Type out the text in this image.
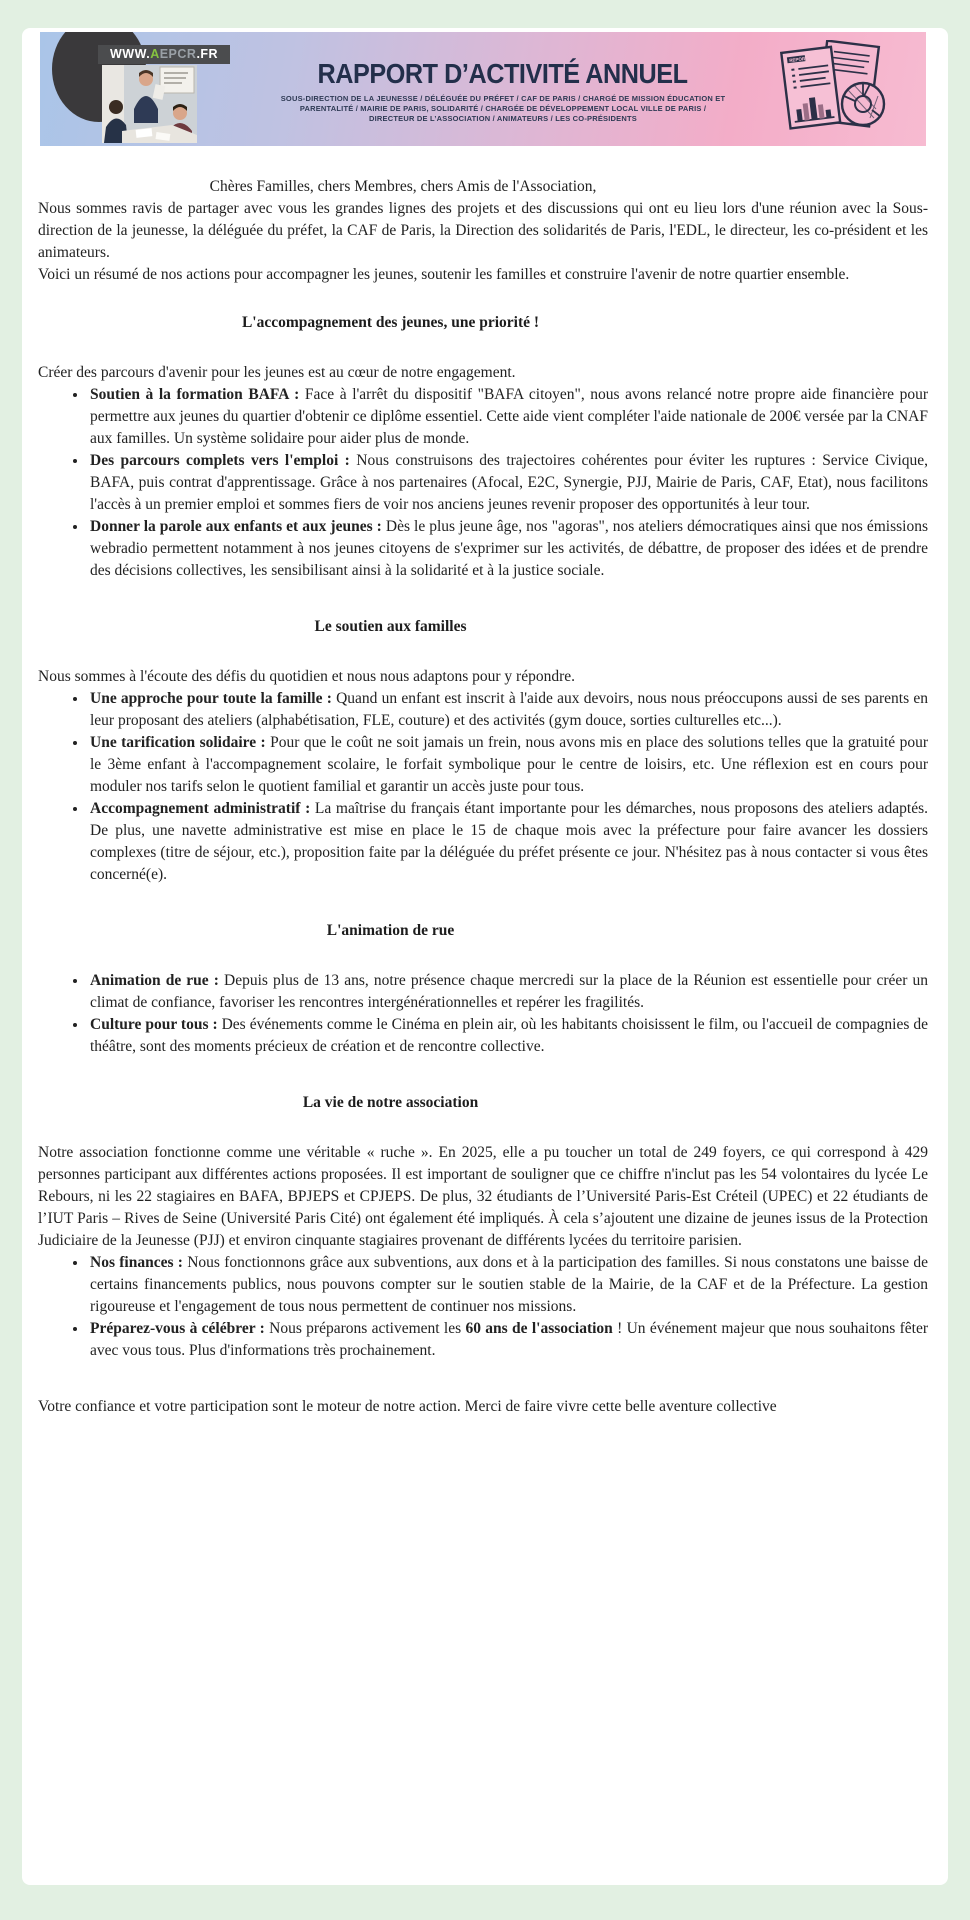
WWW.AEPCR.FR
RAPPORT D’ACTIVITÉ ANNUEL
SOUS-DIRECTION DE LA JEUNESSE / DÉLÉGUÉE DU PRÉFET / CAF DE PARIS / CHARGÉ DE MISSION ÉDUCATION ET PARENTALITÉ / MAIRIE DE PARIS, SOLIDARITÉ / CHARGÉE DE DÉVELOPPEMENT LOCAL VILLE DE PARIS / DIRECTEUR DE L’ASSOCIATION / ANIMATEURS / LES CO-PRÉSIDENTS
REPORTS

Chères Familles, chers Membres, chers Amis de l'Association,

Nous sommes ravis de partager avec vous les grandes lignes des projets et des discussions qui ont eu lieu lors d'une réunion avec la Sous-direction de la jeunesse, la déléguée du préfet, la CAF de Paris, la Direction des solidarités de Paris, l'EDL, le directeur, les co-président et les animateurs.

Voici un résumé de nos actions pour accompagner les jeunes, soutenir les familles et construire l'avenir de notre quartier ensemble.

L'accompagnement des jeunes, une priorité !

Créer des parcours d'avenir pour les jeunes est au cœur de notre engagement.

• Soutien à la formation BAFA : Face à l'arrêt du dispositif "BAFA citoyen", nous avons relancé notre propre aide financière pour permettre aux jeunes du quartier d'obtenir ce diplôme essentiel. Cette aide vient compléter l'aide nationale de 200€ versée par la CNAF aux familles. Un système solidaire pour aider plus de monde.
• Des parcours complets vers l'emploi : Nous construisons des trajectoires cohérentes pour éviter les ruptures : Service Civique, BAFA, puis contrat d'apprentissage. Grâce à nos partenaires (Afocal, E2C, Synergie, PJJ, Mairie de Paris, CAF, Etat), nous facilitons l'accès à un premier emploi et sommes fiers de voir nos anciens jeunes revenir proposer des opportunités à leur tour.
• Donner la parole aux enfants et aux jeunes : Dès le plus jeune âge, nos "agoras", nos ateliers démocratiques ainsi que nos émissions webradio permettent notamment à nos jeunes citoyens de s'exprimer sur les activités, de débattre, de proposer des idées et de prendre des décisions collectives, les sensibilisant ainsi à la solidarité et à la justice sociale.
Le soutien aux familles

Nous sommes à l'écoute des défis du quotidien et nous nous adaptons pour y répondre.

• Une approche pour toute la famille : Quand un enfant est inscrit à l'aide aux devoirs, nous nous préoccupons aussi de ses parents en leur proposant des ateliers (alphabétisation, FLE, couture) et des activités (gym douce, sorties culturelles etc...).
• Une tarification solidaire : Pour que le coût ne soit jamais un frein, nous avons mis en place des solutions telles que la gratuité pour le 3ème enfant à l'accompagnement scolaire, le forfait symbolique pour le centre de loisirs, etc. Une réflexion est en cours pour moduler nos tarifs selon le quotient familial et garantir un accès juste pour tous.
• Accompagnement administratif : La maîtrise du français étant importante pour les démarches, nous proposons des ateliers adaptés. De plus, une navette administrative est mise en place le 15 de chaque mois avec la préfecture pour faire avancer les dossiers complexes (titre de séjour, etc.), proposition faite par la déléguée du préfet présente ce jour. N'hésitez pas à nous contacter si vous êtes concerné(e).
L'animation de rue
• Animation de rue : Depuis plus de 13 ans, notre présence chaque mercredi sur la place de la Réunion est essentielle pour créer un climat de confiance, favoriser les rencontres intergénérationnelles et repérer les fragilités.
• Culture pour tous : Des événements comme le Cinéma en plein air, où les habitants choisissent le film, ou l'accueil de compagnies de théâtre, sont des moments précieux de création et de rencontre collective.
La vie de notre association

Notre association fonctionne comme une véritable « ruche ». En 2025, elle a pu toucher un total de 249 foyers, ce qui correspond à 429 personnes participant aux différentes actions proposées. Il est important de souligner que ce chiffre n'inclut pas les 54 volontaires du lycée Le Rebours, ni les 22 stagiaires en BAFA, BPJEPS et CPJEPS. De plus, 32 étudiants de l’Université Paris-Est Créteil (UPEC) et 22 étudiants de l’IUT Paris – Rives de Seine (Université Paris Cité) ont également été impliqués. À cela s’ajoutent une dizaine de jeunes issus de la Protection Judiciaire de la Jeunesse (PJJ) et environ cinquante stagiaires provenant de différents lycées du territoire parisien.

• Nos finances : Nous fonctionnons grâce aux subventions, aux dons et à la participation des familles. Si nous constatons une baisse de certains financements publics, nous pouvons compter sur le soutien stable de la Mairie, de la CAF et de la Préfecture. La gestion rigoureuse et l'engagement de tous nous permettent de continuer nos missions.
• Préparez-vous à célébrer : Nous préparons activement les 60 ans de l'association ! Un événement majeur que nous souhaitons fêter avec vous tous. Plus d'informations très prochainement.

Votre confiance et votre participation sont le moteur de notre action. Merci de faire vivre cette belle aventure collective
